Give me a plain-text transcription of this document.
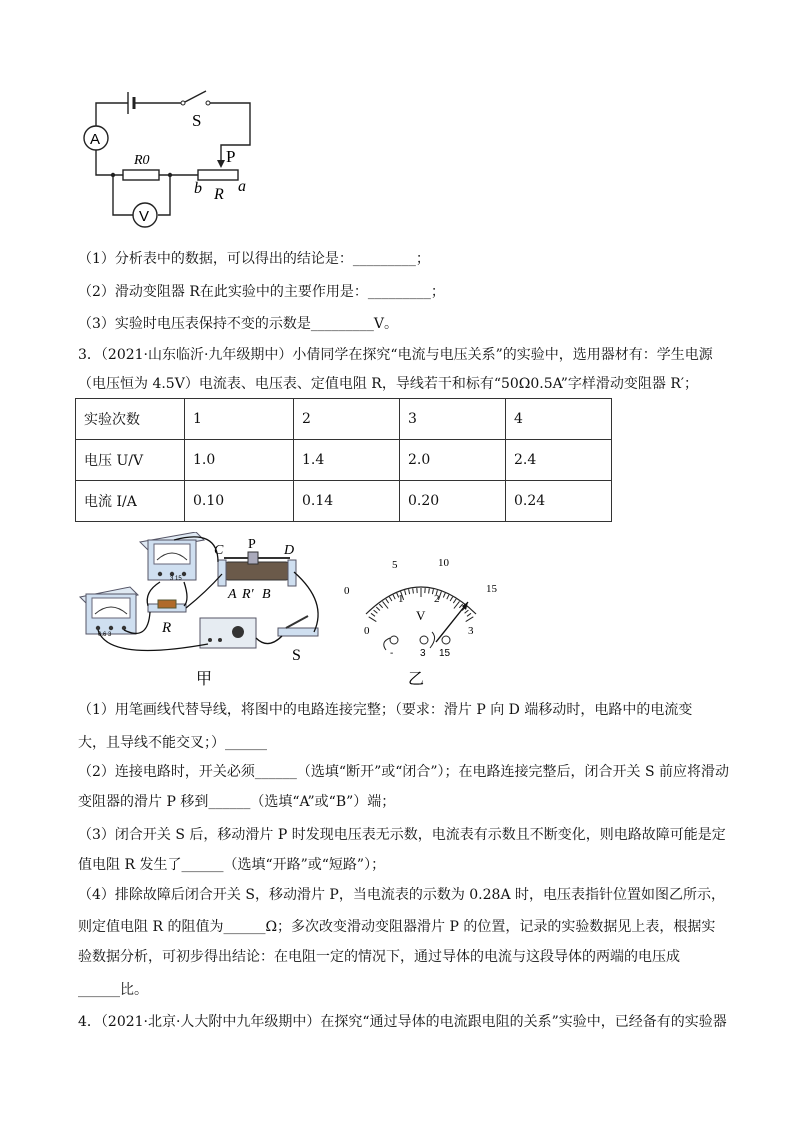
A
V
S
R0	P
b R a
（1）分析表中的数据，可以得出的结论是：_________；
（2）滑动变阻器 R在此实验中的主要作用是：_________；
（3）实验时电压表保持不变的示数是_________V。
3．（2021·山东临沂·九年级期中）小倩同学在探究“电流与电压关系”的实验中，选用器材有：学生电源
（电压恒为 4.5V）电流表、电压表、定值电阻 R，导线若干和标有“50Ω0.5A”字样滑动变阻器 R′；
实验次数	1	2	3	4
电压 U/V	1.0	1.4	2.0	2.4
电流 I/A	0.10	0.14	0.20	0.24
3 15
0.6 3	R
C P D
A R′ B
S
甲
0
5	10
15
0
1	2
3
V
-	3 15
乙
（1）用笔画线代替导线，将图中的电路连接完整；（要求：滑片 P 向 D 端移动时，电路中的电流变
大，且导线不能交叉；）______
（2）连接电路时，开关必须______（选填“断开”或“闭合”）；在电路连接完整后，闭合开关 S 前应将滑动
变阻器的滑片 P 移到______（选填“A”或“B”）端；
（3）闭合开关 S 后，移动滑片 P 时发现电压表无示数，电流表有示数且不断变化，则电路故障可能是定
值电阻 R 发生了______（选填“开路”或“短路”）；
（4）排除故障后闭合开关 S，移动滑片 P，当电流表的示数为 0.28A 时，电压表指针位置如图乙所示，
则定值电阻 R 的阻值为______Ω；多次改变滑动变阻器滑片 P 的位置，记录的实验数据见上表，根据实
验数据分析，可初步得出结论：在电阻一定的情况下，通过导体的电流与这段导体的两端的电压成
______比。
4．（2021·北京·人大附中九年级期中）在探究“通过导体的电流跟电阻的关系”实验中，已经备有的实验器
